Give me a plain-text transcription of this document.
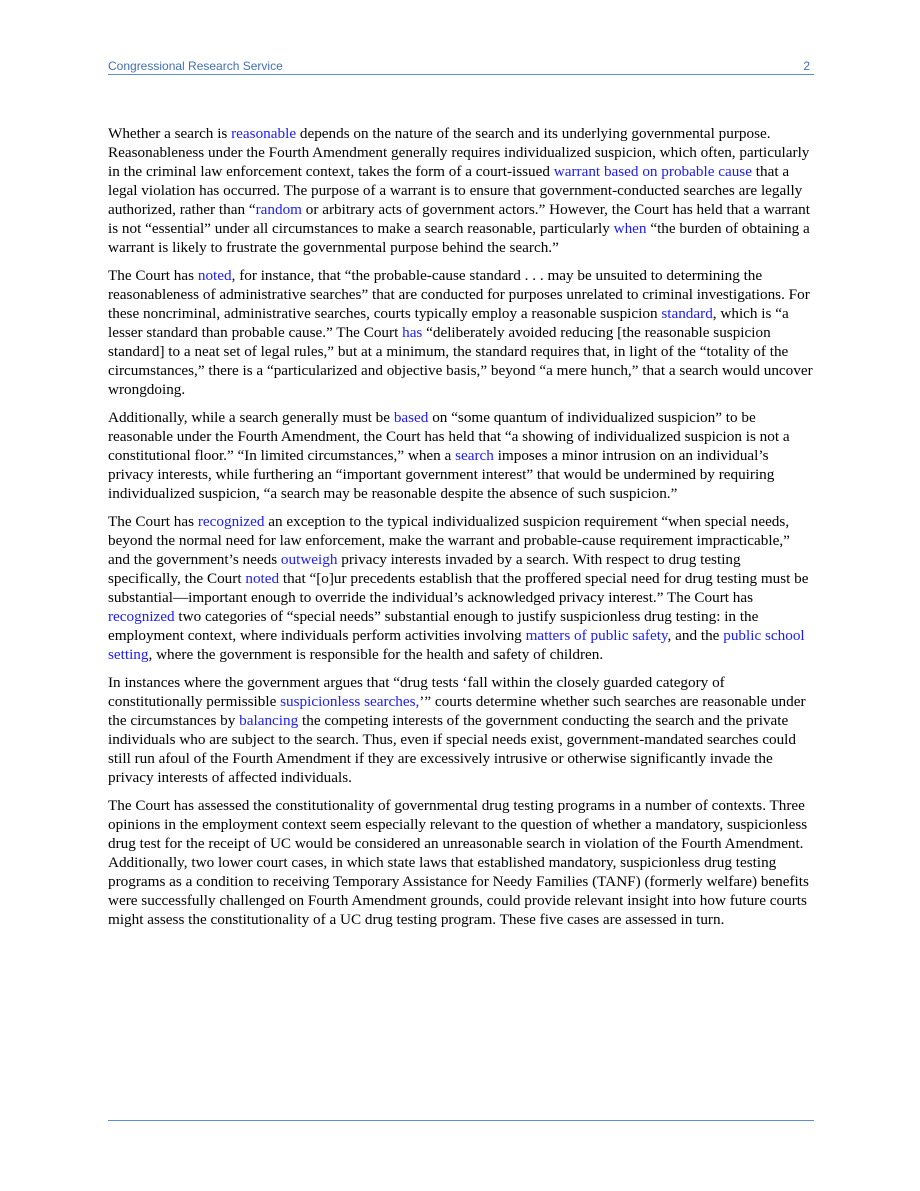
Congressional Research Service	2

Whether a search is reasonable depends on the nature of the search and its underlying governmental purpose. Reasonableness under the Fourth Amendment generally requires individualized suspicion, which often, particularly in the criminal law enforcement context, takes the form of a court-issued warrant based on probable cause that a legal violation has occurred. The purpose of a warrant is to ensure that government-conducted searches are legally authorized, rather than “random or arbitrary acts of government actors.” However, the Court has held that a warrant is not “essential” under all circumstances to make a search reasonable, particularly when “the burden of obtaining a warrant is likely to frustrate the governmental purpose behind the search.”

The Court has noted, for instance, that “the probable-cause standard . . . may be unsuited to determining the reasonableness of administrative searches” that are conducted for purposes unrelated to criminal investigations. For these noncriminal, administrative searches, courts typically employ a reasonable suspicion standard, which is “a lesser standard than probable cause.” The Court has “deliberately avoided reducing [the reasonable suspicion standard] to a neat set of legal rules,” but at a minimum, the standard requires that, in light of the “totality of the circumstances,” there is a “particularized and objective basis,” beyond “a mere hunch,” that a search would uncover wrongdoing.

Additionally, while a search generally must be based on “some quantum of individualized suspicion” to be reasonable under the Fourth Amendment, the Court has held that “a showing of individualized suspicion is not a constitutional floor.” “In limited circumstances,” when a search imposes a minor intrusion on an individual’s privacy interests, while furthering an “important government interest” that would be undermined by requiring individualized suspicion, “a search may be reasonable despite the absence of such suspicion.”

The Court has recognized an exception to the typical individualized suspicion requirement “when special needs, beyond the normal need for law enforcement, make the warrant and probable-cause requirement impracticable,” and the government’s needs outweigh privacy interests invaded by a search. With respect to drug testing specifically, the Court noted that “[o]ur precedents establish that the proffered special need for drug testing must be substantial—important enough to override the individual’s acknowledged privacy interest.” The Court has recognized two categories of “special needs” substantial enough to justify suspicionless drug testing: in the employment context, where individuals perform activities involving matters of public safety, and the public school setting, where the government is responsible for the health and safety of children.

In instances where the government argues that “drug tests ‘fall within the closely guarded category of constitutionally permissible suspicionless searches,’” courts determine whether such searches are reasonable under the circumstances by balancing the competing interests of the government conducting the search and the private individuals who are subject to the search. Thus, even if special needs exist, government-mandated searches could still run afoul of the Fourth Amendment if they are excessively intrusive or otherwise significantly invade the privacy interests of affected individuals.

The Court has assessed the constitutionality of governmental drug testing programs in a number of contexts. Three opinions in the employment context seem especially relevant to the question of whether a mandatory, suspicionless drug test for the receipt of UC would be considered an unreasonable search in violation of the Fourth Amendment. Additionally, two lower court cases, in which state laws that established mandatory, suspicionless drug testing programs as a condition to receiving Temporary Assistance for Needy Families (TANF) (formerly welfare) benefits were successfully challenged on Fourth Amendment grounds, could provide relevant insight into how future courts might assess the constitutionality of a UC drug testing program. These five cases are assessed in turn.
